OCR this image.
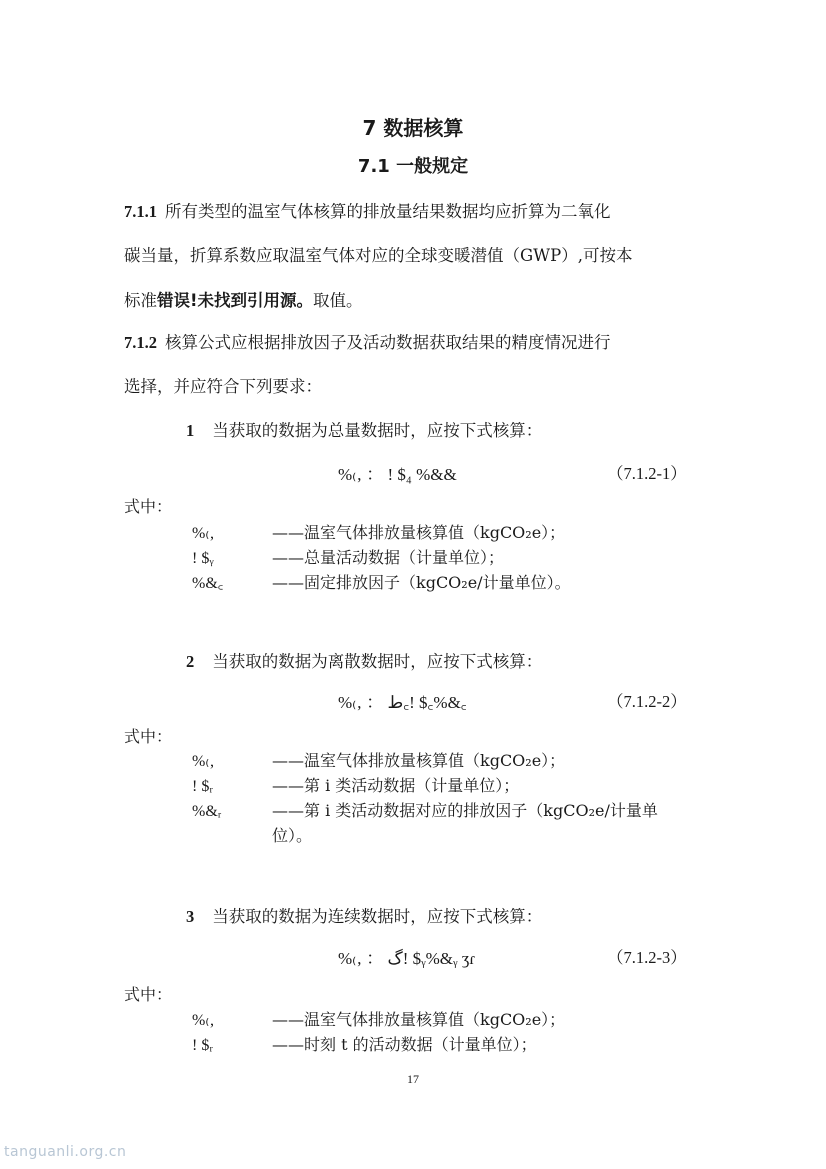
7 数据核算
7.1 一般规定
7.1.1 所有类型的温室气体核算的排放量结果数据均应折算为二氧化
碳当量，折算系数应取温室气体对应的全球变暖潜值（GWP）,可按本
标准错误!未找到引用源。取值。
7.1.2 核算公式应根据排放因子及活动数据获取结果的精度情况进行
选择，并应符合下列要求：
1 当获取的数据为总量数据时，应按下式核算：
%₍‚ ： ! $₄ %&&	（7.1.2-1）
式中：
%₍‚	——温室气体排放量核算值（kgCO₂e）；
! $ᵧ	——总量活动数据（计量单位）；
%&꜀	——固定排放因子（kgCO₂e/计量单位）。
2 当获取的数据为离散数据时，应按下式核算：
%₍‚ ： ط꜀! $꜀%&꜀	（7.1.2-2）
式中：
%₍‚	——温室气体排放量核算值（kgCO₂e）；
! $ᵣ	——第 i 类活动数据（计量单位）；
%&ᵣ	——第 i 类活动数据对应的排放因子（kgCO₂e/计量单
位）。
3 当获取的数据为连续数据时，应按下式核算：
%₍‚ ： گ! $ᵧ%&ᵧ ʒɾ	（7.1.2-3）
式中：
%₍‚	——温室气体排放量核算值（kgCO₂e）；
! $ᵣ	——时刻 t 的活动数据（计量单位）；
17
tanguanli.org.cn
